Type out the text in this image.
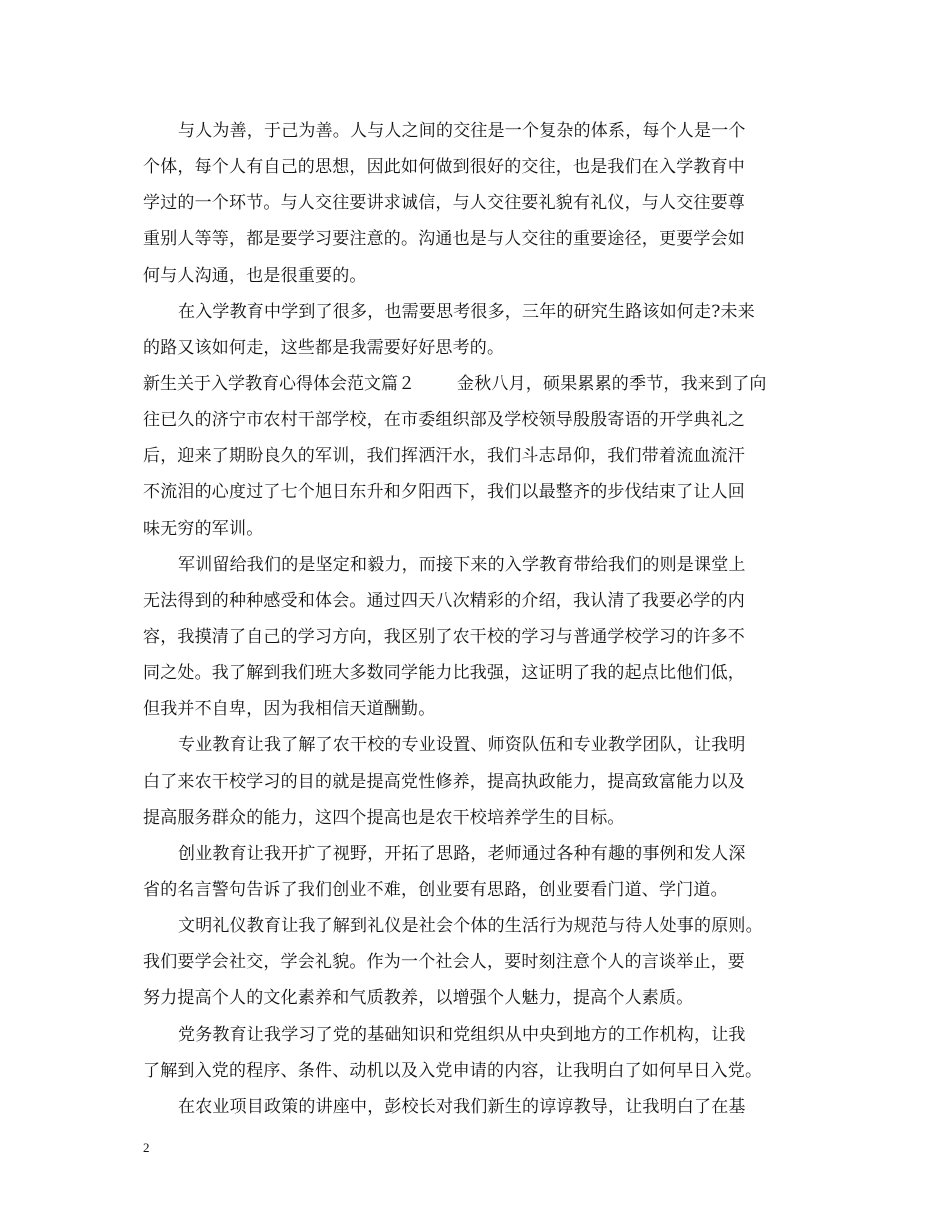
与人为善，于己为善。人与人之间的交往是一个复杂的体系，每个人是一个
个体，每个人有自己的思想，因此如何做到很好的交往，也是我们在入学教育中
学过的一个环节。与人交往要讲求诚信，与人交往要礼貌有礼仪，与人交往要尊
重别人等等，都是要学习要注意的。沟通也是与人交往的重要途径，更要学会如
何与人沟通，也是很重要的。
在入学教育中学到了很多，也需要思考很多，三年的研究生路该如何走?未来
的路又该如何走，这些都是我需要好好思考的。
新生关于入学教育心得体会范文篇２ 金秋八月，硕果累累的季节，我来到了向
往已久的济宁市农村干部学校，在市委组织部及学校领导殷殷寄语的开学典礼之
后，迎来了期盼良久的军训，我们挥洒汗水，我们斗志昂仰，我们带着流血流汗
不流泪的心度过了七个旭日东升和夕阳西下，我们以最整齐的步伐结束了让人回
味无穷的军训。
军训留给我们的是坚定和毅力，而接下来的入学教育带给我们的则是课堂上
无法得到的种种感受和体会。通过四天八次精彩的介绍，我认清了我要必学的内
容，我摸清了自己的学习方向，我区别了农干校的学习与普通学校学习的许多不
同之处。我了解到我们班大多数同学能力比我强，这证明了我的起点比他们低，
但我并不自卑，因为我相信天道酬勤。
专业教育让我了解了农干校的专业设置、师资队伍和专业教学团队，让我明
白了来农干校学习的目的就是提高党性修养，提高执政能力，提高致富能力以及
提高服务群众的能力，这四个提高也是农干校培养学生的目标。
创业教育让我开扩了视野，开拓了思路，老师通过各种有趣的事例和发人深
省的名言警句告诉了我们创业不难，创业要有思路，创业要看门道、学门道。
文明礼仪教育让我了解到礼仪是社会个体的生活行为规范与待人处事的原则。
我们要学会社交，学会礼貌。作为一个社会人，要时刻注意个人的言谈举止，要
努力提高个人的文化素养和气质教养，以增强个人魅力，提高个人素质。
党务教育让我学习了党的基础知识和党组织从中央到地方的工作机构，让我
了解到入党的程序、条件、动机以及入党申请的内容，让我明白了如何早日入党。
在农业项目政策的讲座中，彭校长对我们新生的谆谆教导，让我明白了在基
2
